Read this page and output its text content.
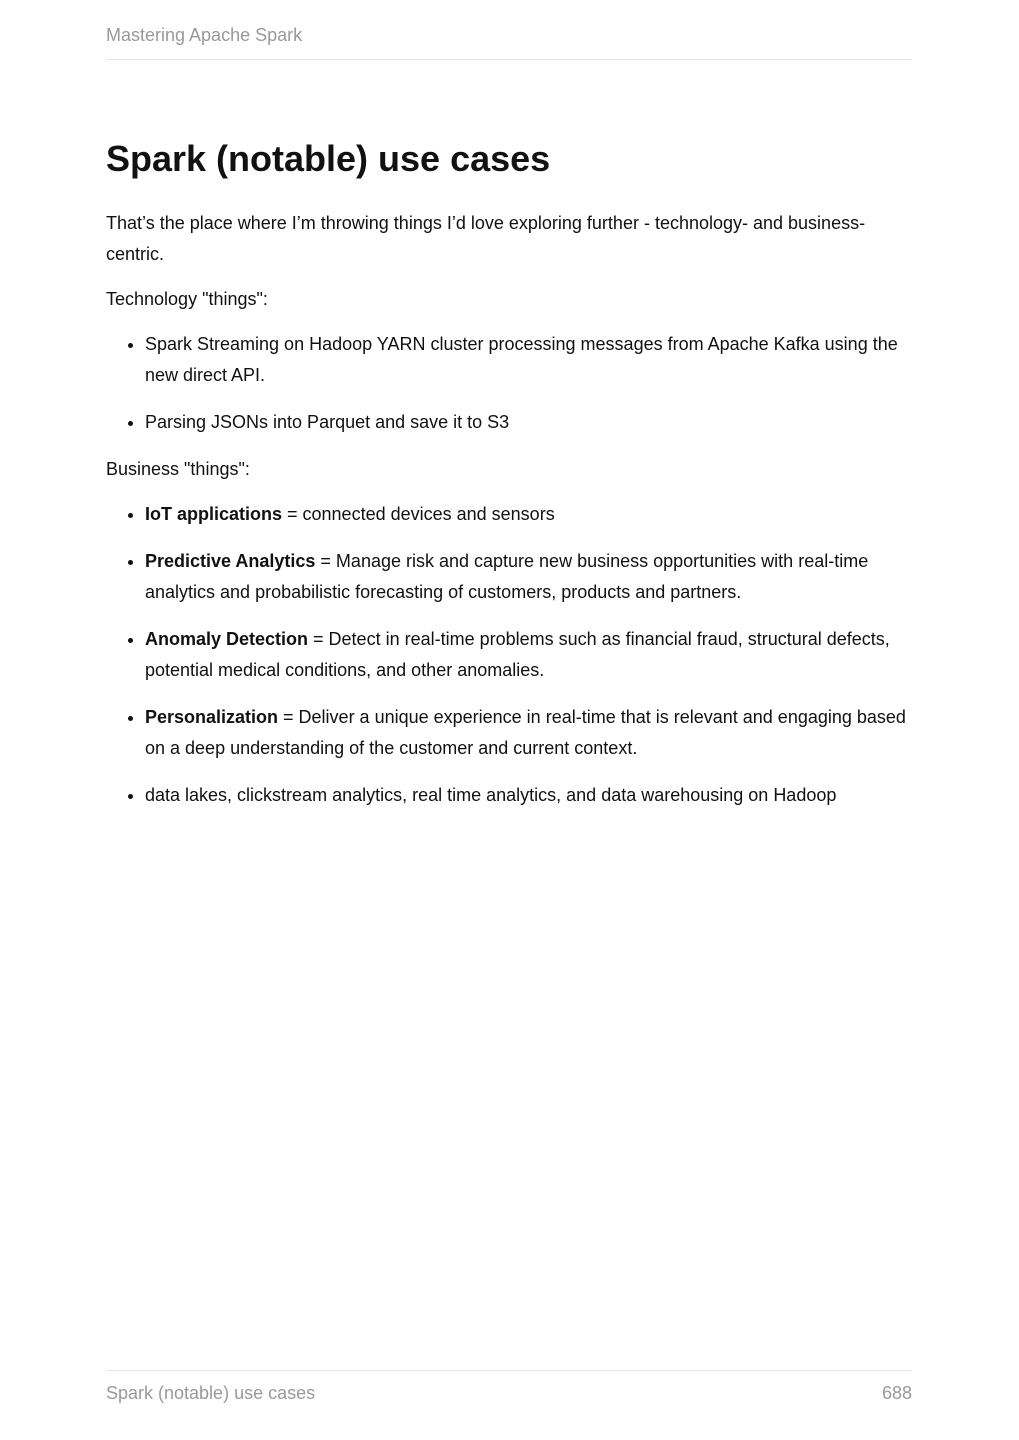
Mastering Apache Spark
Spark (notable) use cases

That’s the place where I’m throwing things I’d love exploring further - technology- and business-centric.

Technology "things":

• Spark Streaming on Hadoop YARN cluster processing messages from Apache Kafka using the new direct API.
• Parsing JSONs into Parquet and save it to S3

Business "things":

• IoT applications = connected devices and sensors
• Predictive Analytics = Manage risk and capture new business opportunities with real-time analytics and probabilistic forecasting of customers, products and partners.
• Anomaly Detection = Detect in real-time problems such as financial fraud, structural defects, potential medical conditions, and other anomalies.
• Personalization = Deliver a unique experience in real-time that is relevant and engaging based on a deep understanding of the customer and current context.
• data lakes, clickstream analytics, real time analytics, and data warehousing on Hadoop
Spark (notable) use cases	688
